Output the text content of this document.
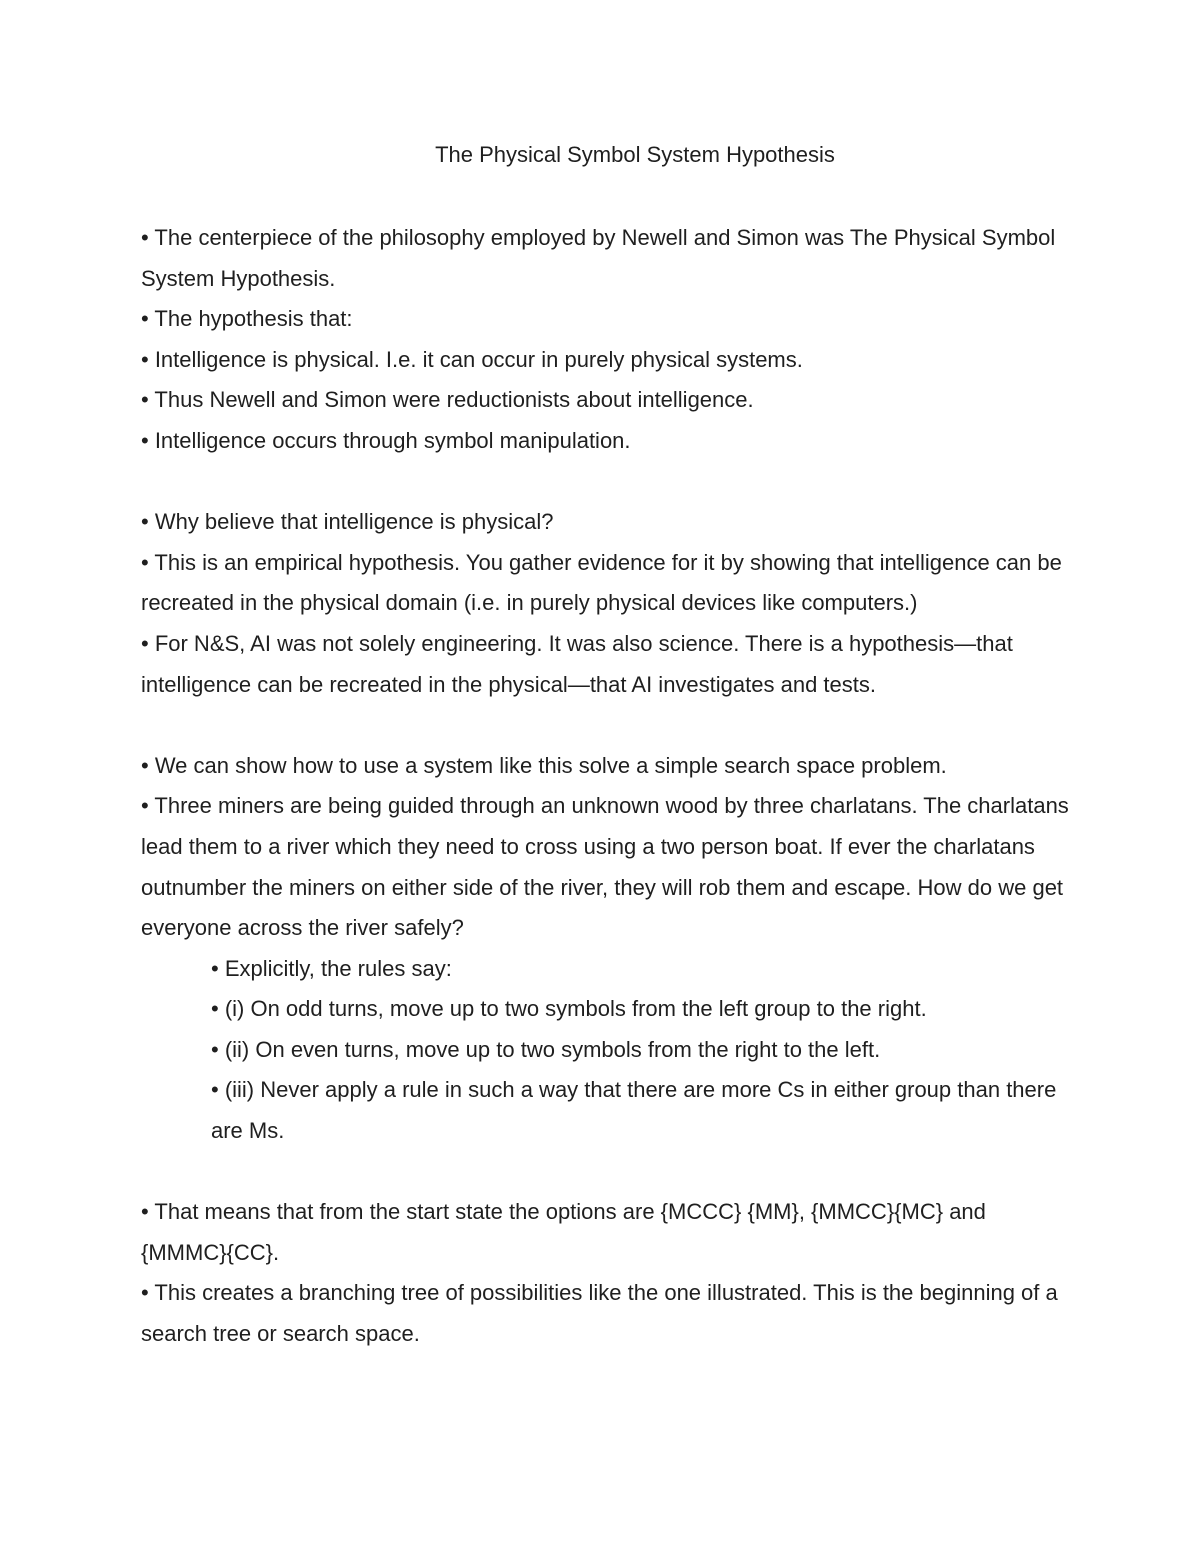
The Physical Symbol System Hypothesis

• The centerpiece of the philosophy employed by Newell and Simon was The Physical Symbol System Hypothesis.

• The hypothesis that:

• Intelligence is physical. I.e. it can occur in purely physical systems.

• Thus Newell and Simon were reductionists about intelligence.

• Intelligence occurs through symbol manipulation.

• Why believe that intelligence is physical?

• This is an empirical hypothesis. You gather evidence for it by showing that intelligence can be recreated in the physical domain (i.e. in purely physical devices like computers.)

• For N&S, AI was not solely engineering. It was also science. There is a hypothesis—that intelligence can be recreated in the physical—that AI investigates and tests.

• We can show how to use a system like this solve a simple search space problem.

• Three miners are being guided through an unknown wood by three charlatans. The charlatans lead them to a river which they need to cross using a two person boat. If ever the charlatans outnumber the miners on either side of the river, they will rob them and escape. How do we get everyone across the river safely?

• Explicitly, the rules say:

• (i) On odd turns, move up to two symbols from the left group to the right.

• (ii) On even turns, move up to two symbols from the right to the left.

• (iii) Never apply a rule in such a way that there are more Cs in either group than there are Ms.

• That means that from the start state the options are {MCCC} {MM}, {MMCC}{MC} and {MMMC}{CC}.

• This creates a branching tree of possibilities like the one illustrated. This is the beginning of a search tree or search space.
